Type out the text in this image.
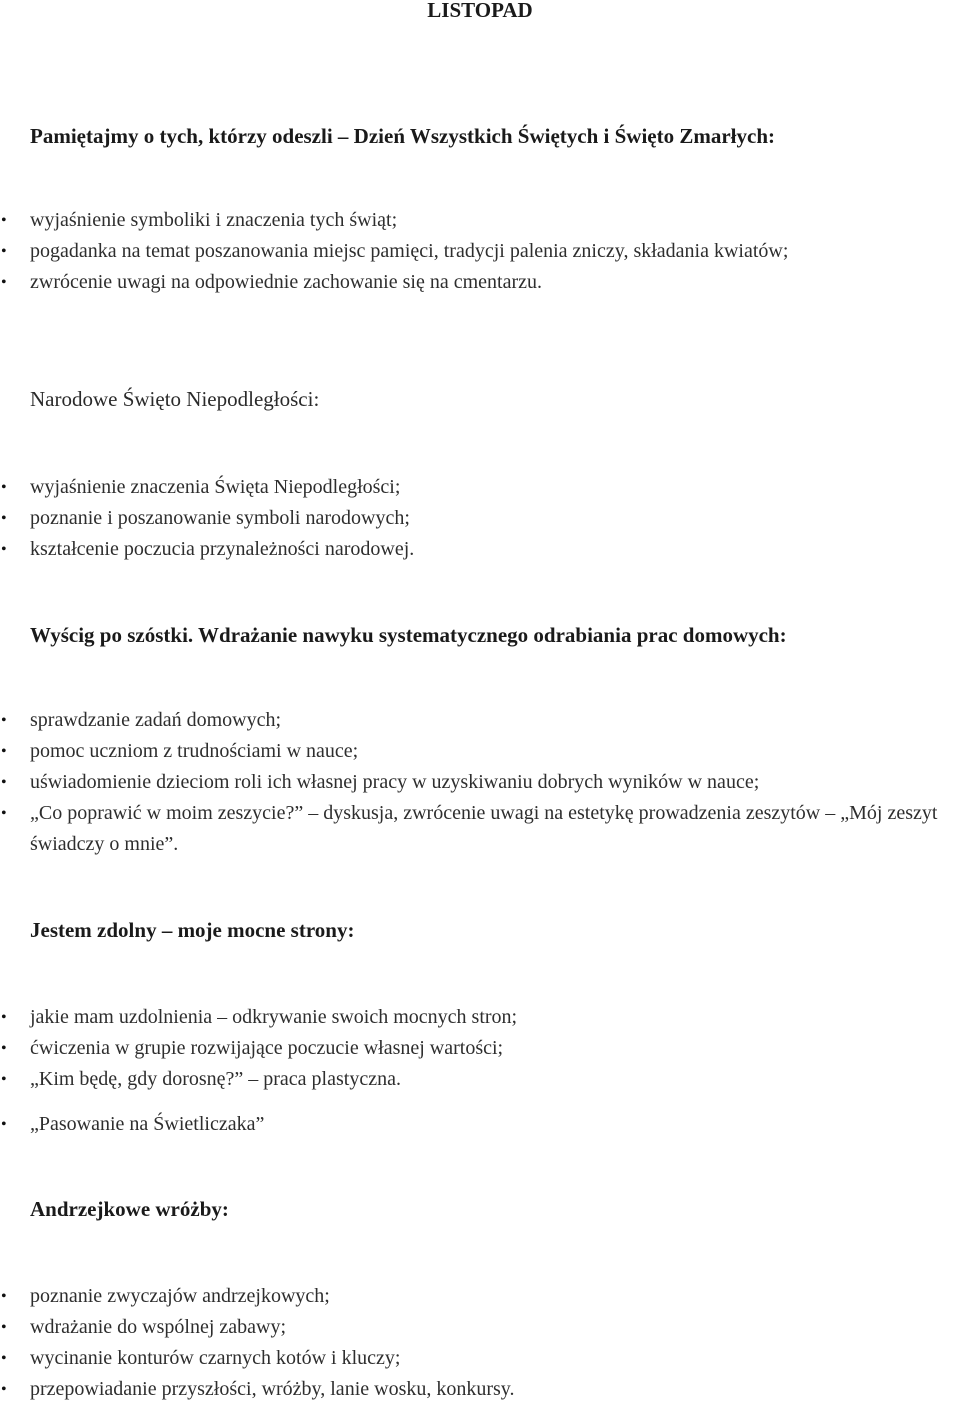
LISTOPAD
Pamiętajmy o tych, którzy odeszli – Dzień Wszystkich Świętych i Święto Zmarłych:
• wyjaśnienie symboliki i znaczenia tych świąt;
• pogadanka na temat poszanowania miejsc pamięci, tradycji palenia zniczy, składania kwiatów;
• zwrócenie uwagi na odpowiednie zachowanie się na cmentarzu.
Narodowe Święto Niepodległości:
• wyjaśnienie znaczenia Święta Niepodległości;
• poznanie i poszanowanie symboli narodowych;
• kształcenie poczucia przynależności narodowej.
Wyścig po szóstki. Wdrażanie nawyku systematycznego odrabiania prac domowych:
• sprawdzanie zadań domowych;
• pomoc uczniom z trudnościami w nauce;
• uświadomienie dzieciom roli ich własnej pracy w uzyskiwaniu dobrych wyników w nauce;
• „Co poprawić w moim zeszycie?” – dyskusja, zwrócenie uwagi na estetykę prowadzenia zeszytów – „Mój zeszyt świadczy o mnie”.
Jestem zdolny – moje mocne strony:
• jakie mam uzdolnienia – odkrywanie swoich mocnych stron;
• ćwiczenia w grupie rozwijające poczucie własnej wartości;
• „Kim będę, gdy dorosnę?” – praca plastyczna.
• „Pasowanie na Świetliczaka”
Andrzejkowe wróżby:
• poznanie zwyczajów andrzejkowych;
• wdrażanie do wspólnej zabawy;
• wycinanie konturów czarnych kotów i kluczy;
• przepowiadanie przyszłości, wróżby, lanie wosku, konkursy.
